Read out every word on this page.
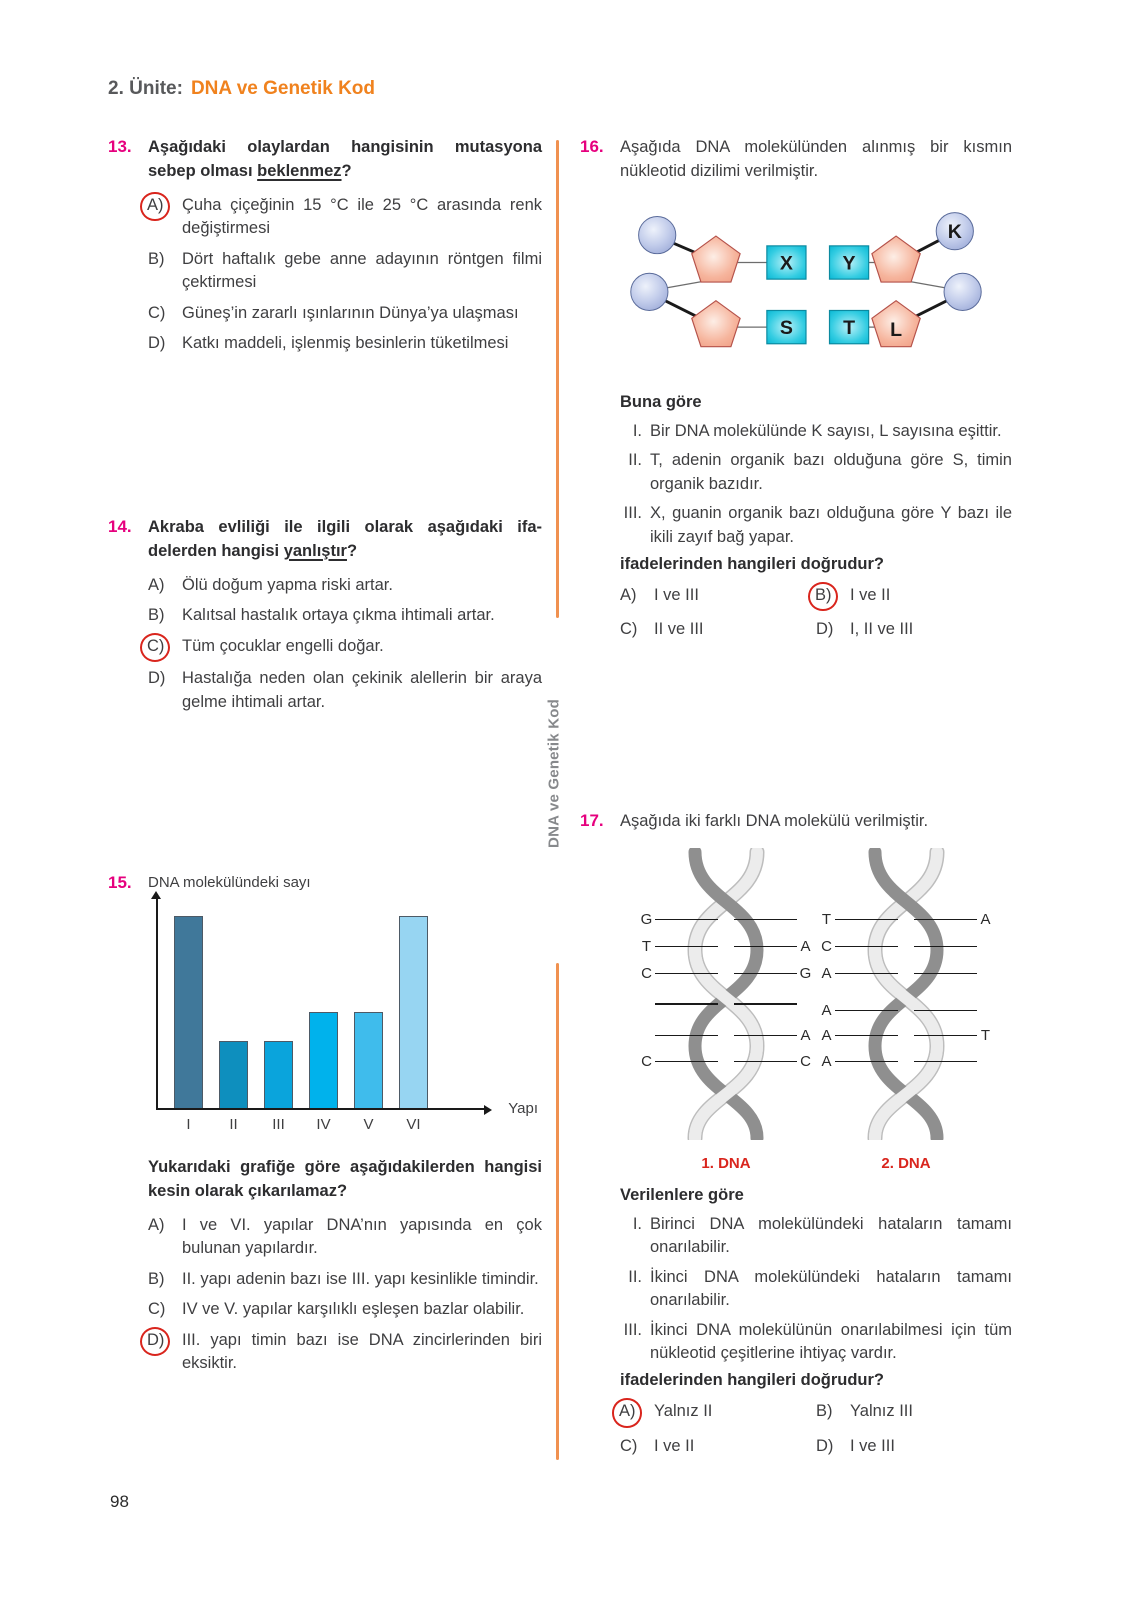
2. Ünite: DNA ve Genetik Kod
DNA ve Genetik Kod
13. Aşağıdaki olaylardan hangisinin mutasyona sebep olması beklenmez?

A)	Çuha çiçeğinin 15 °C ile 25 °C arasında renk değiştirmesi
B)	Dört haftalık gebe anne adayının röntgen filmi çektirmesi
C)	Güneş’in zararlı ışınlarının Dünya’ya ulaşması
D)	Katkı maddeli, işlenmiş besinlerin tüketilmesi
14. Akraba evliliği ile ilgili olarak aşağıdaki ifadelerden hangisi yanlıştır?

A)	Ölü doğum yapma riski artar.
B)	Kalıtsal hastalık ortaya çıkma ihtimali artar.
C)	Tüm çocuklar engelli doğar.
D)	Hastalığa neden olan çekinik alellerin bir araya gelme ihtimali artar.
15.	DNA molekülündeki sayı
I	II	III	IV	V	VI
Yapı

Yukarıdaki grafiğe göre aşağıdakilerden hangisi kesin olarak çıkarılamaz?

A)	I ve VI. yapılar DNA’nın yapısında en çok bulunan yapılardır.
B)	II. yapı adenin bazı ise III. yapı kesinlikle timindir.
C)	IV ve V. yapılar karşılıklı eşleşen bazlar olabilir.
D)	III. yapı timin bazı ise DNA zincirlerinden biri eksiktir.
16. Aşağıda DNA molekülünden alınmış bir kısmın nükleotid dizilimi verilmiştir.

X Y
S	T
K
L

Buna göre

I. Bir DNA molekülünde K sayısı, L sayısına eşittir.
II. T, adenin organik bazı olduğuna göre S, timin organik bazıdır.
III. X, guanin organik bazı olduğuna göre Y bazı ile ikili zayıf bağ yapar.

ifadelerinden hangileri doğrudur?

A)	I ve III	B)	I ve II
C)	II ve III	D)	I, II ve III
17. Aşağıda iki farklı DNA molekülü verilmiştir.

1. DNA
G
T	A
C	G
A
C	C
2. DNA
T	A
C
A
A
A	T
A

Verilenlere göre

I. Birinci DNA molekülündeki hataların tamamı onarılabilir.
II. İkinci DNA molekülündeki hataların tamamı onarılabilir.
III. İkinci DNA molekülünün onarılabilmesi için tüm nükleotid çeşitlerine ihtiyaç vardır.

ifadelerinden hangileri doğrudur?

A)	Yalnız II	B)	Yalnız III
C)	I ve II	D)	I ve III
98
